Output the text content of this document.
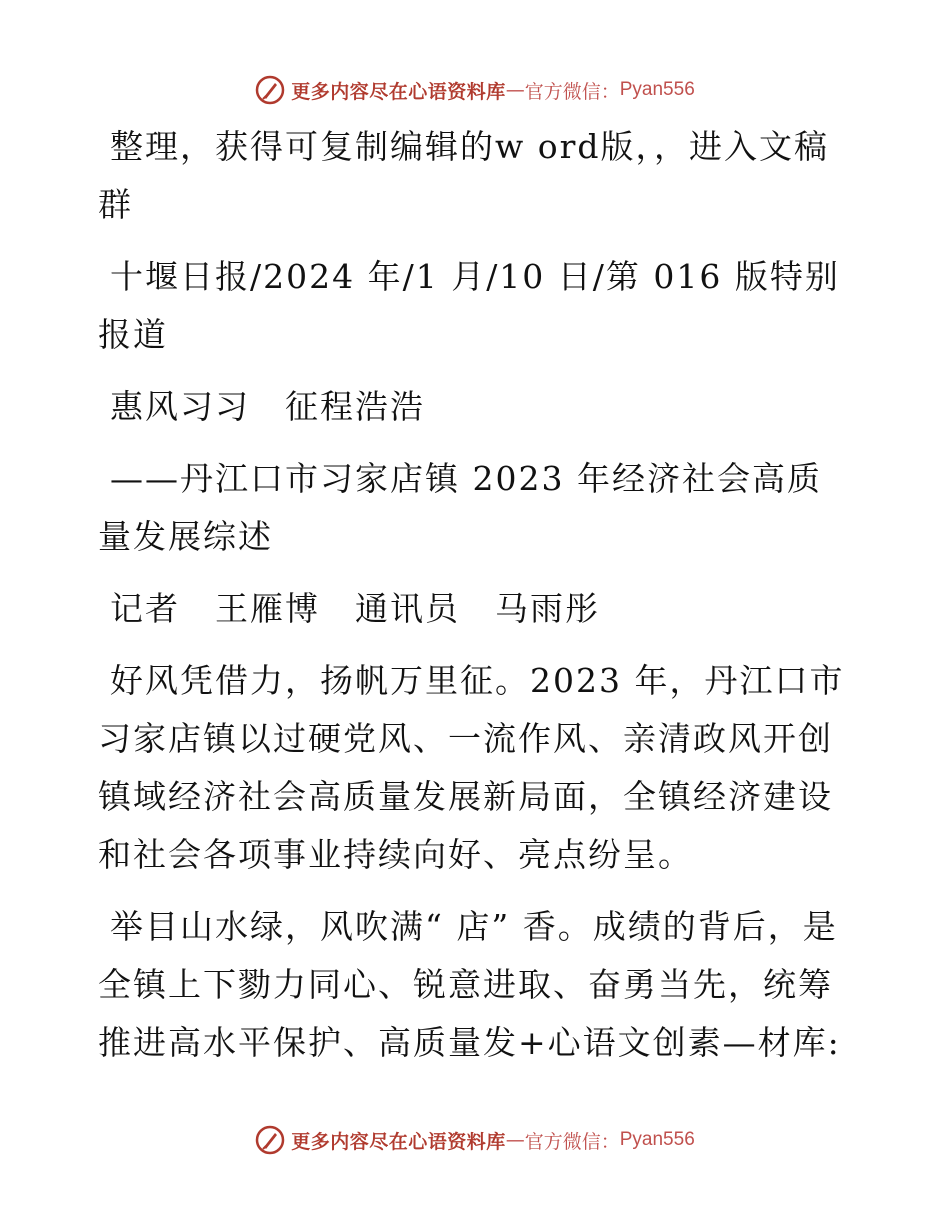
更多内容尽在心语资料库 — 官方微信： Pyan556

整理，获得可复制编辑的w ord版，，进入文稿群

十堰日报/2024 年/1 月/10 日/第 016 版特别报道

惠风习习　征程浩浩

——丹江口市习家店镇 2023 年经济社会高质量发展综述

记者　王雁博　通讯员　马雨彤

好风凭借力，扬帆万里征。2023 年，丹江口市习家店镇以过硬党风、一流作风、亲清政风开创镇域经济社会高质量发展新局面，全镇经济建设和社会各项事业持续向好、亮点纷呈。

举目山水绿，风吹满“ 店” 香。成绩的背后，是全镇上下勠力同心、锐意进取、奋勇当先，统筹推进高水平保护、高质量发+心语文创素—材库:

更多内容尽在心语资料库 — 官方微信： Pyan556
